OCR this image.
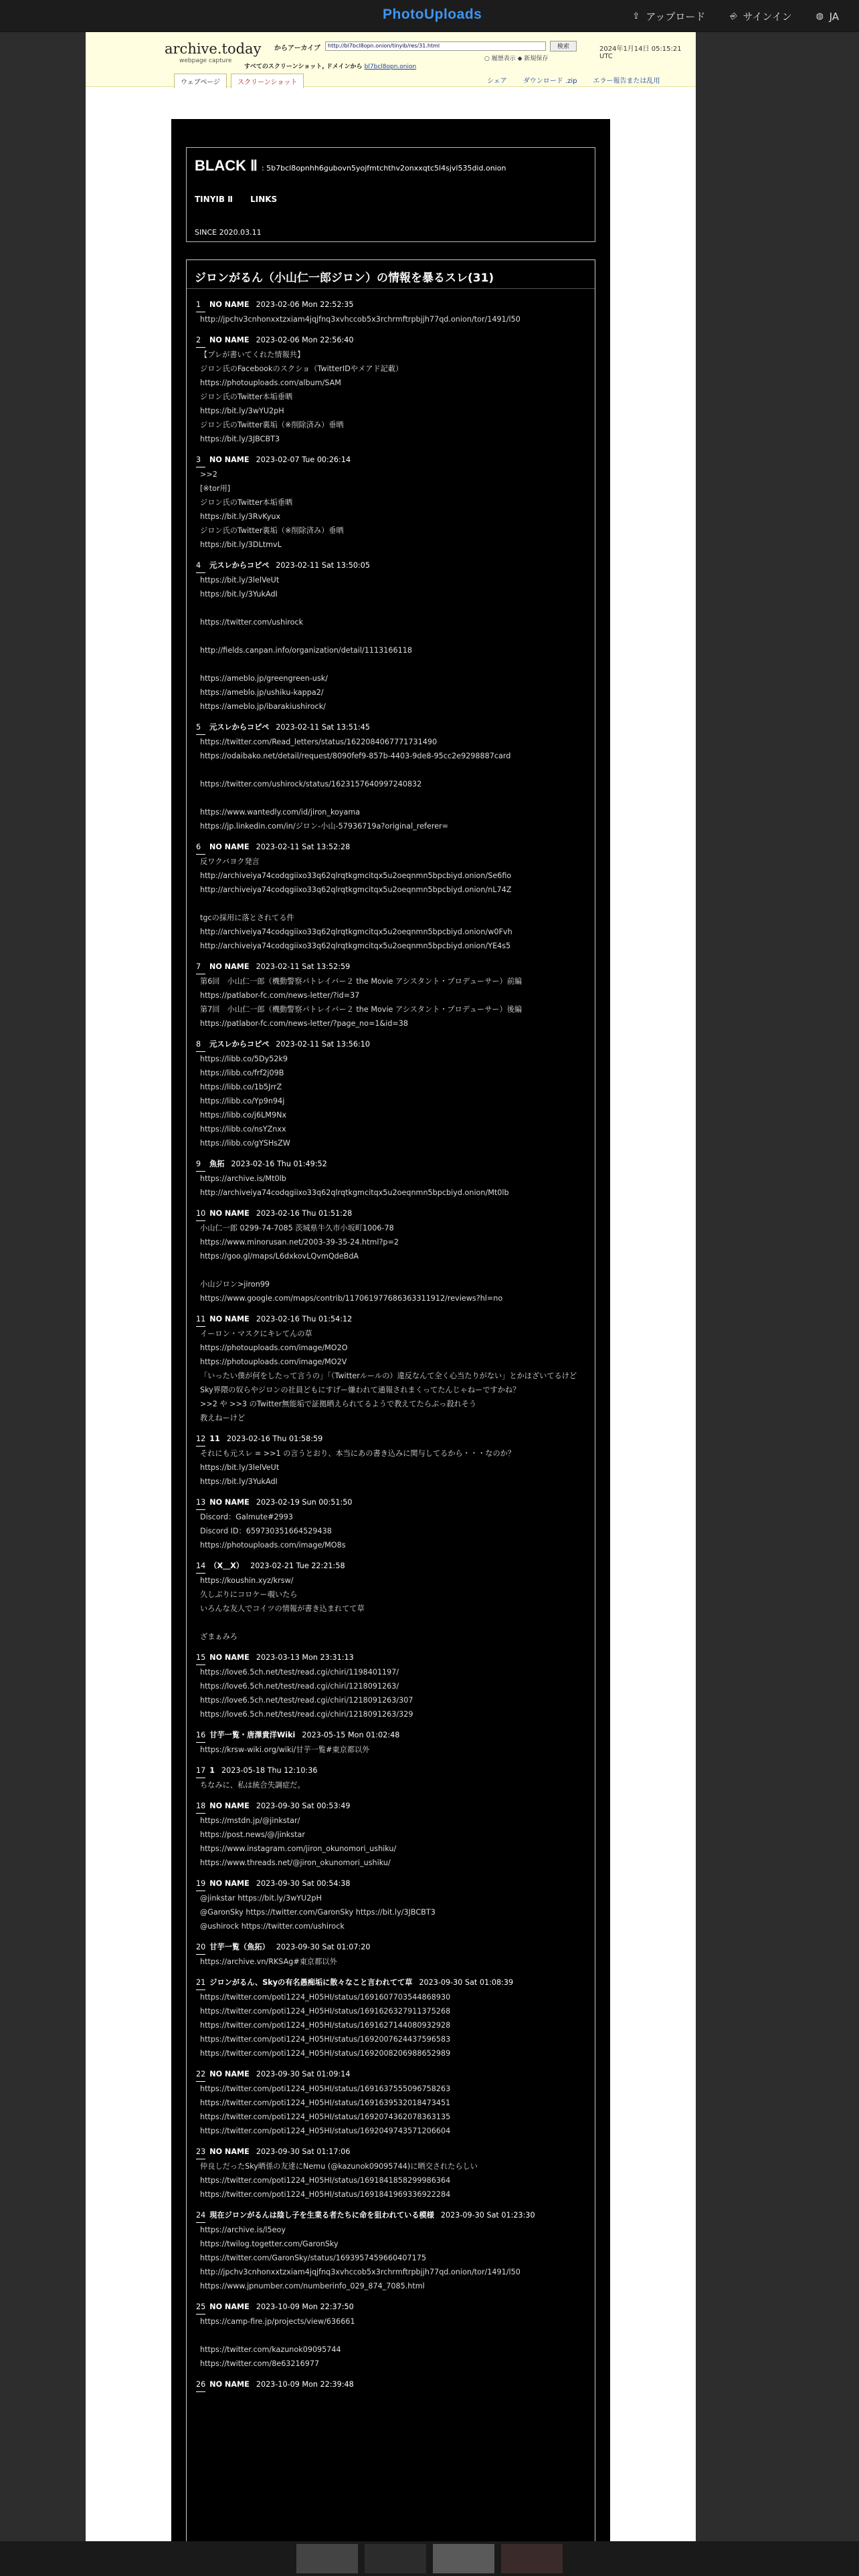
PhotoUploads	⇪ アップロード	⎆ サインイン	◍ JA
archive.today
webpage capture
からアーカイブ	http://bl7bcl8opn.onion/tinyib/res/31.html	検索	2024年1月14日 05:15:21 UTC
○ 履歴表示 ◆ 新規保存
すべてのスクリーンショット, ドメインから bl7bcl8opn.onion
ウェブページ	スクリーンショット	シェア ダウンロード .zip エラー報告または乱用
BLACK Ⅱ : 5b7bcl8opnhh6gubovn5yojfmtchthv2onxxqtc5l4sjvl535did.onion
TINYIB Ⅱ LINKS
SINCE 2020.03.11
ジロンがるん（小山仁一郎ジロン）の情報を暴るスレ(31)
1 NO NAME 2023-02-06 Mon 22:52:35
http://jpchv3cnhonxxtzxiam4jqjfnq3xvhccob5x3rchrmftrpbjjh77qd.onion/tor/1491/l50
2 NO NAME 2023-02-06 Mon 22:56:40
【ブレが書いてくれた情報共】
ジロン氏のFacebookのスクショ（TwitterIDやメアド記載）
https://photouploads.com/album/SAM
ジロン氏のTwitter本垢垂晒
https://bit.ly/3wYU2pH
ジロン氏のTwitter裏垢（※削除済み）垂晒
https://bit.ly/3JBCBT3
3 NO NAME 2023-02-07 Tue 00:26:14
>>2
[※tor用]
ジロン氏のTwitter本垢垂晒
https://bit.ly/3RvKyux
ジロン氏のTwitter裏垢（※削除済み）垂晒
https://bit.ly/3DLtmvL
4 元スレからコピペ 2023-02-11 Sat 13:50:05
https://bit.ly/3lelVeUt
https://bit.ly/3YukAdI
https://twitter.com/ushirock
http://fields.canpan.info/organization/detail/1113166118
https://ameblo.jp/greengreen-usk/
https://ameblo.jp/ushiku-kappa2/
https://ameblo.jp/ibarakiushirock/
5 元スレからコピペ 2023-02-11 Sat 13:51:45
https://twitter.com/Read_letters/status/1622084067771731490
https://odaibako.net/detail/request/8090fef9-857b-4403-9de8-95cc2e9298887card
https://twitter.com/ushirock/status/1623157640997240832
https://www.wantedly.com/id/jiron_koyama
https://jp.linkedin.com/in/ジロン-小山-57936719a?original_referer=
6 NO NAME 2023-02-11 Sat 13:52:28
反ワクバヨク発言
http://archiveiya74codqgiixo33q62qlrqtkgmcitqx5u2oeqnmn5bpcbiyd.onion/Se6fio
http://archiveiya74codqgiixo33q62qlrqtkgmcitqx5u2oeqnmn5bpcbiyd.onion/nL74Z
tgcの採用に落とされてる件
http://archiveiya74codqgiixo33q62qlrqtkgmcitqx5u2oeqnmn5bpcbiyd.onion/w0Fvh
http://archiveiya74codqgiixo33q62qlrqtkgmcitqx5u2oeqnmn5bpcbiyd.onion/YE4s5
7 NO NAME 2023-02-11 Sat 13:52:59
第6回　小山仁一郎（機動警察パトレイバー２ the Movie アシスタント・プロデューサー）前編
https://patlabor-fc.com/news-letter/?id=37
第7回　小山仁一郎（機動警察パトレイバー２ the Movie アシスタント・プロデューサー）後編
https://patlabor-fc.com/news-letter/?page_no=1&id=38
8 元スレからコピペ 2023-02-11 Sat 13:56:10
https://libb.co/5Dy52k9
https://libb.co/frf2j09B
https://libb.co/1b5JrrZ
https://libb.co/Yp9n94j
https://libb.co/j6LM9Nx
https://libb.co/nsYZnxx
https://libb.co/gYSHsZW
9 魚拓 2023-02-16 Thu 01:49:52
https://archive.is/Mt0lb
http://archiveiya74codqgiixo33q62qlrqtkgmcitqx5u2oeqnmn5bpcbiyd.onion/Mt0lb
10 NO NAME 2023-02-16 Thu 01:51:28
小山仁一郎 0299-74-7085 茨城県牛久市小坂町1006-78
https://www.minorusan.net/2003-39-35-24.html?p=2
https://goo.gl/maps/L6dxkovLQvmQdeBdA
小山ジロン>jiron99
https://www.google.com/maps/contrib/117061977686363311912/reviews?hl=no
11 NO NAME 2023-02-16 Thu 01:54:12
イーロン・マスクにキレてんの草
https://photouploads.com/image/MO2O
https://photouploads.com/image/MO2V
「いったい僕が何をしたって言うの」「（Twitterルールの）違反なんて全く心当たりがない」とかほざいてるけど
Sky界隈の奴らやジロンの社員どもにすげー嫌われて通報されまくってたんじゃねーですかね？
>>2 や >>3 のTwitter無能垢で証拠晒えられてるようで教えてたらぶっ殺れそう
教えねーけど
12 11 2023-02-16 Thu 01:58:59
それにも元スレ = >>1 の言うとおり、本当にあの書き込みに関与してるから・・・なのか？
https://bit.ly/3lelVeUt
https://bit.ly/3YukAdI
13 NO NAME 2023-02-19 Sun 00:51:50
Discord：Galmute#2993
Discord ID：659730351664529438
https://photouploads.com/image/MO8s
14 （X＿X） 2023-02-21 Tue 22:21:58
https://koushin.xyz/krsw/
久しぶりにコロケー覗いたら
いろんな友人でコイツの情報が書き込まれてて草
ざまぁみろ
15 NO NAME 2023-03-13 Mon 23:31:13
https://love6.5ch.net/test/read.cgi/chiri/1198401197/
https://love6.5ch.net/test/read.cgi/chiri/1218091263/
https://love6.5ch.net/test/read.cgi/chiri/1218091263/307
https://love6.5ch.net/test/read.cgi/chiri/1218091263/329
16 甘芋一覧・唐澤貴洋Wiki 2023-05-15 Mon 01:02:48
https://krsw-wiki.org/wiki/甘芋一覧#東京都以外
17 1 2023-05-18 Thu 12:10:36
ちなみに、私は統合失調症だ。
18 NO NAME 2023-09-30 Sat 00:53:49
https://mstdn.jp/@jinkstar/
https://post.news/@/jinkstar
https://www.instagram.com/jiron_okunomori_ushiku/
https://www.threads.net/@jiron_okunomori_ushiku/
19 NO NAME 2023-09-30 Sat 00:54:38
@jinkstar https://bit.ly/3wYU2pH
@GaronSky https://twitter.com/GaronSky https://bit.ly/3JBCBT3
@ushirock https://twitter.com/ushirock
20 甘芋一覧（魚拓） 2023-09-30 Sat 01:07:20
https://archive.vn/RKSAg#東京都以外
21 ジロンがるん、Skyの有名愚痴垢に散々なこと言われてて草 2023-09-30 Sat 01:08:39
https://twitter.com/poti1224_H05HI/status/1691607703544868930
https://twitter.com/poti1224_H05HI/status/1691626327911375268
https://twitter.com/poti1224_H05HI/status/1691627144080932928
https://twitter.com/poti1224_H05HI/status/1692007624437596583
https://twitter.com/poti1224_H05HI/status/1692008206988652989
22 NO NAME 2023-09-30 Sat 01:09:14
https://twitter.com/poti1224_H05HI/status/1691637555096758263
https://twitter.com/poti1224_H05HI/status/1691639532018473451
https://twitter.com/poti1224_H05HI/status/1692074362078363135
https://twitter.com/poti1224_H05HI/status/1692049743571206604
23 NO NAME 2023-09-30 Sat 01:17:06
仲良しだったSky晒係の友達にNemu (@kazunok09095744)に晒交されたらしい
https://twitter.com/poti1224_H05HI/status/1691841858299986364
https://twitter.com/poti1224_H05HI/status/1691841969336922284
24 現在ジロンがるんは陰し子を生業る者たちに命を狙われている模様 2023-09-30 Sat 01:23:30
https://archive.is/l5eoy
https://twilog.togetter.com/GaronSky
https://twitter.com/GaronSky/status/1693957459660407175
http://jpchv3cnhonxxtzxiam4jqjfnq3xvhccob5x3rchrmftrpbjjh77qd.onion/tor/1491/l50
https://www.jpnumber.com/numberinfo_029_874_7085.html
25 NO NAME 2023-10-09 Mon 22:37:50
https://camp-fire.jp/projects/view/636661
https://twitter.com/kazunok09095744
https://twitter.com/8e63216977
26 NO NAME 2023-10-09 Mon 22:39:48
